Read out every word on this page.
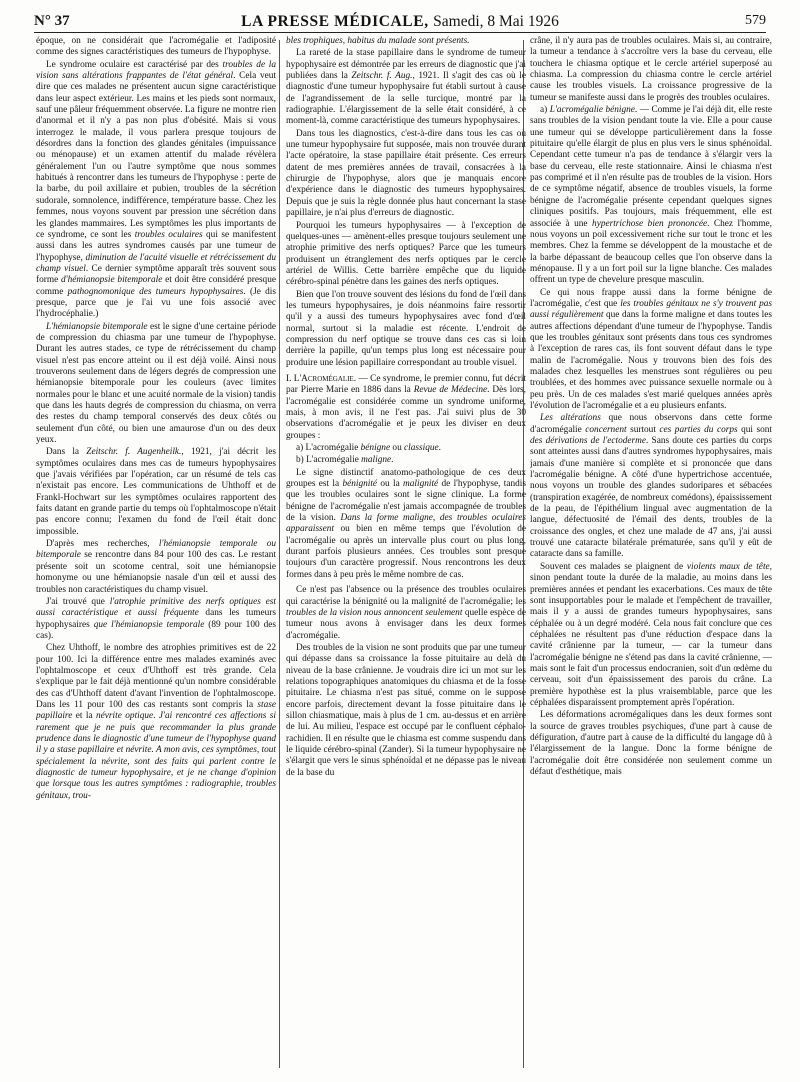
N° 37	LA PRESSE MÉDICALE, Samedi, 8 Mai 1926	579

époque, on ne considérait que l'acromégalie et l'adiposité comme des signes caractéristiques des tumeurs de l'hypophyse.

Le syndrome oculaire est caractérisé par des troubles de la vision sans altérations frappantes de l'état général. Cela veut dire que ces malades ne présentent aucun signe caractéristique dans leur aspect extérieur. Les mains et les pieds sont normaux, sauf une pâleur fréquemment observée. La figure ne montre rien d'anormal et il n'y a pas non plus d'obésité. Mais si vous interrogez le malade, il vous parlera presque toujours de désordres dans la fonction des glandes génitales (impuissance ou ménopause) et un examen attentif du malade révèlera généralement l'un ou l'autre symptôme que nous sommes habitués à rencontrer dans les tumeurs de l'hypophyse : perte de la barbe, du poil axillaire et pubien, troubles de la sécrétion sudorale, somnolence, indifférence, température basse. Chez les femmes, nous voyons souvent par pression une sécrétion dans les glandes mammaires. Les symptômes les plus importants de ce syndrome, ce sont les troubles oculaires qui se manifestent aussi dans les autres syndromes causés par une tumeur de l'hypophyse, diminution de l'acuité visuelle et rétrécissement du champ visuel. Ce dernier symptôme apparaît très souvent sous forme d'hémianopsie bitemporale et doit être considéré presque comme pathognomonique des tumeurs hypophysaires. (Je dis presque, parce que je l'ai vu une fois associé avec l'hydrocéphalie.)

L'hémianopsie bitemporale est le signe d'une certaine période de compression du chiasma par une tumeur de l'hypophyse. Durant les autres stades, ce type de rétrécissement du champ visuel n'est pas encore atteint ou il est déjà voilé. Ainsi nous trouverons seulement dans de légers degrés de compression une hémianopsie bitemporale pour les couleurs (avec limites normales pour le blanc et une acuité normale de la vision) tandis que dans les hauts degrés de compression du chiasma, on verra des restes du champ temporal conservés des deux côtés ou seulement d'un côté, ou bien une amaurose d'un ou des deux yeux.

Dans la Zeitschr. f. Augenheilk., 1921, j'ai décrit les symptômes oculaires dans mes cas de tumeurs hypophysaires que j'avais vérifiées par l'opération, car un résumé de tels cas n'existait pas encore. Les communications de Uhthoff et de Frankl-Hochwart sur les symptômes oculaires rapportent des faits datant en grande partie du temps où l'ophtalmoscope n'était pas encore connu; l'examen du fond de l'œil était donc impossible.

D'après mes recherches, l'hémianopsie temporale ou bitemporale se rencontre dans 84 pour 100 des cas. Le restant présente soit un scotome central, soit une hémianopsie homonyme ou une hémianopsie nasale d'un œil et aussi des troubles non caractéristiques du champ visuel.

J'ai trouvé que l'atrophie primitive des nerfs optiques est aussi caractéristique et aussi fréquente dans les tumeurs hypophysaires que l'hémianopsie temporale (89 pour 100 des cas).

Chez Uhthoff, le nombre des atrophies primitives est de 22 pour 100. Ici la différence entre mes malades examinés avec l'ophtalmoscope et ceux d'Uhthoff est très grande. Cela s'explique par le fait déjà mentionné qu'un nombre considérable des cas d'Uhthoff datent d'avant l'invention de l'ophtalmoscope. Dans les 11 pour 100 des cas restants sont compris la stase papillaire et la névrite optique. J'ai rencontré ces affections si rarement que je ne puis que recommander la plus grande prudence dans le diagnostic d'une tumeur de l'hypophyse quand il y a stase papillaire et névrite. A mon avis, ces symptômes, tout spécialement la névrite, sont des faits qui parlent contre le diagnostic de tumeur hypophysaire, et je ne change d'opinion que lorsque tous les autres symptômes : radiographie, troubles génitaux, trou-

bles trophiques, habitus du malade sont présents.

La rareté de la stase papillaire dans le syndrome de tumeur hypophysaire est démontrée par les erreurs de diagnostic que j'ai publiées dans la Zeitschr. f. Aug., 1921. Il s'agit des cas où le diagnostic d'une tumeur hypophysaire fut établi surtout à cause de l'agrandissement de la selle turcique, montré par la radiographie. L'élargissement de la selle était considéré, à ce moment-là, comme caractéristique des tumeurs hypophysaires.

Dans tous les diagnostics, c'est-à-dire dans tous les cas où une tumeur hypophysaire fut supposée, mais non trouvée durant l'acte opératoire, la stase papillaire était présente. Ces erreurs datent de mes premières années de travail, consacrées à la chirurgie de l'hypophyse, alors que je manquais encore d'expérience dans le diagnostic des tumeurs hypophysaires. Depuis que je suis la règle donnée plus haut concernant la stase papillaire, je n'ai plus d'erreurs de diagnostic.

Pourquoi les tumeurs hypophysaires — à l'exception de quelques-unes — amènent-elles presque toujours seulement une atrophie primitive des nerfs optiques? Parce que les tumeurs produisent un étranglement des nerfs optiques par le cercle artériel de Willis. Cette barrière empêche que du liquide cérébro-spinal pénètre dans les gaines des nerfs optiques.

Bien que l'on trouve souvent des lésions du fond de l'œil dans les tumeurs hypophysaires, je dois néanmoins faire ressortir qu'il y a aussi des tumeurs hypophysaires avec fond d'œil normal, surtout si la maladie est récente. L'endroit de compression du nerf optique se trouve dans ces cas si loin derrière la papille, qu'un temps plus long est nécessaire pour produire une lésion papillaire correspondant au trouble visuel.

I. L'Acromégalie. — Ce syndrome, le premier connu, fut décrit par Pierre Marie en 1886 dans la Revue de Médecine. Dès lors, l'acromégalie est considérée comme un syndrome uniforme, mais, à mon avis, il ne l'est pas. J'ai suivi plus de 30 observations d'acromégalie et je peux les diviser en deux groupes :

a) L'acromégalie bénigne ou classique.

b) L'acromégalie maligne.

Le signe distinctif anatomo-pathologique de ces deux groupes est la bénignité ou la malignité de l'hypophyse, tandis que les troubles oculaires sont le signe clinique. La forme bénigne de l'acromégalie n'est jamais accompagnée de troubles de la vision. Dans la forme maligne, des troubles oculaires apparaissent ou bien en même temps que l'évolution de l'acromégalie ou après un intervalle plus court ou plus long, durant parfois plusieurs années. Ces troubles sont presque toujours d'un caractère progressif. Nous rencontrons les deux formes dans à peu près le même nombre de cas.

Ce n'est pas l'absence ou la présence des troubles oculaires qui caractérise la bénignité ou la malignité de l'acromégalie; les troubles de la vision nous annoncent seulement quelle espèce de tumeur nous avons à envisager dans les deux formes d'acromégalie.

Des troubles de la vision ne sont produits que par une tumeur qui dépasse dans sa croissance la fosse pituitaire au delà du niveau de la base crânienne. Je voudrais dire ici un mot sur les relations topographiques anatomiques du chiasma et de la fosse pituitaire. Le chiasma n'est pas situé, comme on le suppose encore parfois, directement devant la fosse pituitaire dans le sillon chiasmatique, mais à plus de 1 cm. au-dessus et en arrière de lui. Au milieu, l'espace est occupé par le confluent céphalo-rachidien. Il en résulte que le chiasma est comme suspendu dans le liquide cérébro-spinal (Zander). Si la tumeur hypophysaire ne s'élargit que vers le sinus sphénoïdal et ne dépasse pas le niveau de la base du

crâne, il n'y aura pas de troubles oculaires. Mais si, au contraire, la tumeur a tendance à s'accroître vers la base du cerveau, elle touchera le chiasma optique et le cercle artériel superposé au chiasma. La compression du chiasma contre le cercle artériel cause les troubles visuels. La croissance progressive de la tumeur se manifeste aussi dans le progrès des troubles oculaires.

a) L'acromégalie bénigne. — Comme je l'ai déjà dit, elle reste sans troubles de la vision pendant toute la vie. Elle a pour cause une tumeur qui se développe particulièrement dans la fosse pituitaire qu'elle élargit de plus en plus vers le sinus sphénoïdal. Cependant cette tumeur n'a pas de tendance à s'élargir vers la base du cerveau, elle reste stationnaire. Ainsi le chiasma n'est pas comprimé et il n'en résulte pas de troubles de la vision. Hors de ce symptôme négatif, absence de troubles visuels, la forme bénigne de l'acromégalie présente cependant quelques signes cliniques positifs. Pas toujours, mais fréquemment, elle est associée à une hypertrichose bien prononcée. Chez l'homme, nous voyons un poil excessivement riche sur tout le tronc et les membres. Chez la femme se développent de la moustache et de la barbe dépassant de beaucoup celles que l'on observe dans la ménopause. Il y a un fort poil sur la ligne blanche. Ces malades offrent un type de chevelure presque masculin.

Ce qui nous frappe aussi dans la forme bénigne de l'acromégalie, c'est que les troubles génitaux ne s'y trouvent pas aussi régulièrement que dans la forme maligne et dans toutes les autres affections dépendant d'une tumeur de l'hypophyse. Tandis que les troubles génitaux sont présents dans tous ces syndromes à l'exception de rares cas, ils font souvent défaut dans le type malin de l'acromégalie. Nous y trouvons bien des fois des malades chez lesquelles les menstrues sont régulières ou peu troublées, et des hommes avec puissance sexuelle normale ou à peu près. Un de ces malades s'est marié quelques années après l'évolution de l'acromégalie et a eu plusieurs enfants.

Les altérations que nous observons dans cette forme d'acromégalie concernent surtout ces parties du corps qui sont des dérivations de l'ectoderme. Sans doute ces parties du corps sont atteintes aussi dans d'autres syndromes hypophysaires, mais jamais d'une manière si complète et si prononcée que dans l'acromégalie bénigne. A côté d'une hypertrichose accentuée, nous voyons un trouble des glandes sudoripares et sébacées (transpiration exagérée, de nombreux comédons), épaississement de la peau, de l'épithélium lingual avec augmentation de la langue, défectuosité de l'émail des dents, troubles de la croissance des ongles, et chez une malade de 47 ans, j'ai aussi trouvé une cataracte bilatérale prématurée, sans qu'il y eût de cataracte dans sa famille.

Souvent ces malades se plaignent de violents maux de tête, sinon pendant toute la durée de la maladie, au moins dans les premières années et pendant les exacerbations. Ces maux de tête sont insupportables pour le malade et l'empêchent de travailler, mais il y a aussi de grandes tumeurs hypophysaires, sans céphalée ou à un degré modéré. Cela nous fait conclure que ces céphalées ne résultent pas d'une réduction d'espace dans la cavité crânienne par la tumeur, — car la tumeur dans l'acromégalie bénigne ne s'étend pas dans la cavité crânienne, — mais sont le fait d'un processus endocranien, soit d'un œdème du cerveau, soit d'un épaississement des parois du crâne. La première hypothèse est la plus vraisemblable, parce que les céphalées disparaissent promptement après l'opération.

Les déformations acromégaliques dans les deux formes sont la source de graves troubles psychiques, d'une part à cause de défiguration, d'autre part à cause de la difficulté du langage dû à l'élargissement de la langue. Donc la forme bénigne de l'acromégalie doit être considérée non seulement comme un défaut d'esthétique, mais
